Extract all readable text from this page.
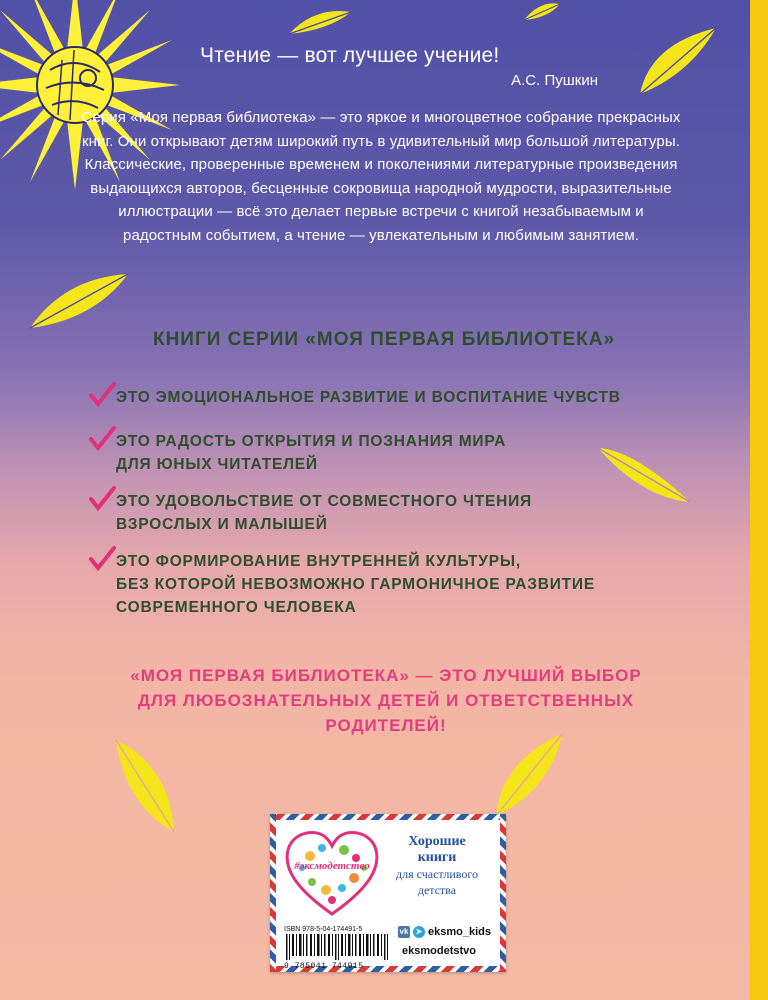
Чтение — вот лучшее учение!
А.С. Пушкин
Серия «Моя первая библиотека» — это яркое и многоцветное собрание прекрасных книг. Они открывают детям широкий путь в удивительный мир большой литературы. Классические, проверенные временем и поколениями литературные произведения выдающихся авторов, бесценные сокровища народной мудрости, выразительные иллюстрации — всё это делает первые встречи с книгой незабываемым и радостным событием, а чтение — увлекательным и любимым занятием.
КНИГИ СЕРИИ «МОЯ ПЕРВАЯ БИБЛИОТЕКА»
ЭТО ЭМОЦИОНАЛЬНОЕ РАЗВИТИЕ И ВОСПИТАНИЕ ЧУВСТВ
ЭТО РАДОСТЬ ОТКРЫТИЯ И ПОЗНАНИЯ МИРА
ДЛЯ ЮНЫХ ЧИТАТЕЛЕЙ
ЭТО УДОВОЛЬСТВИЕ ОТ СОВМЕСТНОГО ЧТЕНИЯ
ВЗРОСЛЫХ И МАЛЫШЕЙ
ЭТО ФОРМИРОВАНИЕ ВНУТРЕННЕЙ КУЛЬТУРЫ,
БЕЗ КОТОРОЙ НЕВОЗМОЖНО ГАРМОНИЧНОЕ РАЗВИТИЕ
СОВРЕМЕННОГО ЧЕЛОВЕКА
«МОЯ ПЕРВАЯ БИБЛИОТЕКА» — ЭТО ЛУЧШИЙ ВЫБОР
ДЛЯ ЛЮБОЗНАТЕЛЬНЫХ ДЕТЕЙ И ОТВЕТСТВЕННЫХ
РОДИТЕЛЕЙ!
#эксмодетство
Хорошие
книги
для счастливого
детства
ISBN 978-5-04-174491-5
9 785041 744915
vk ➤ eksmo_kids
eksmodetstvo
